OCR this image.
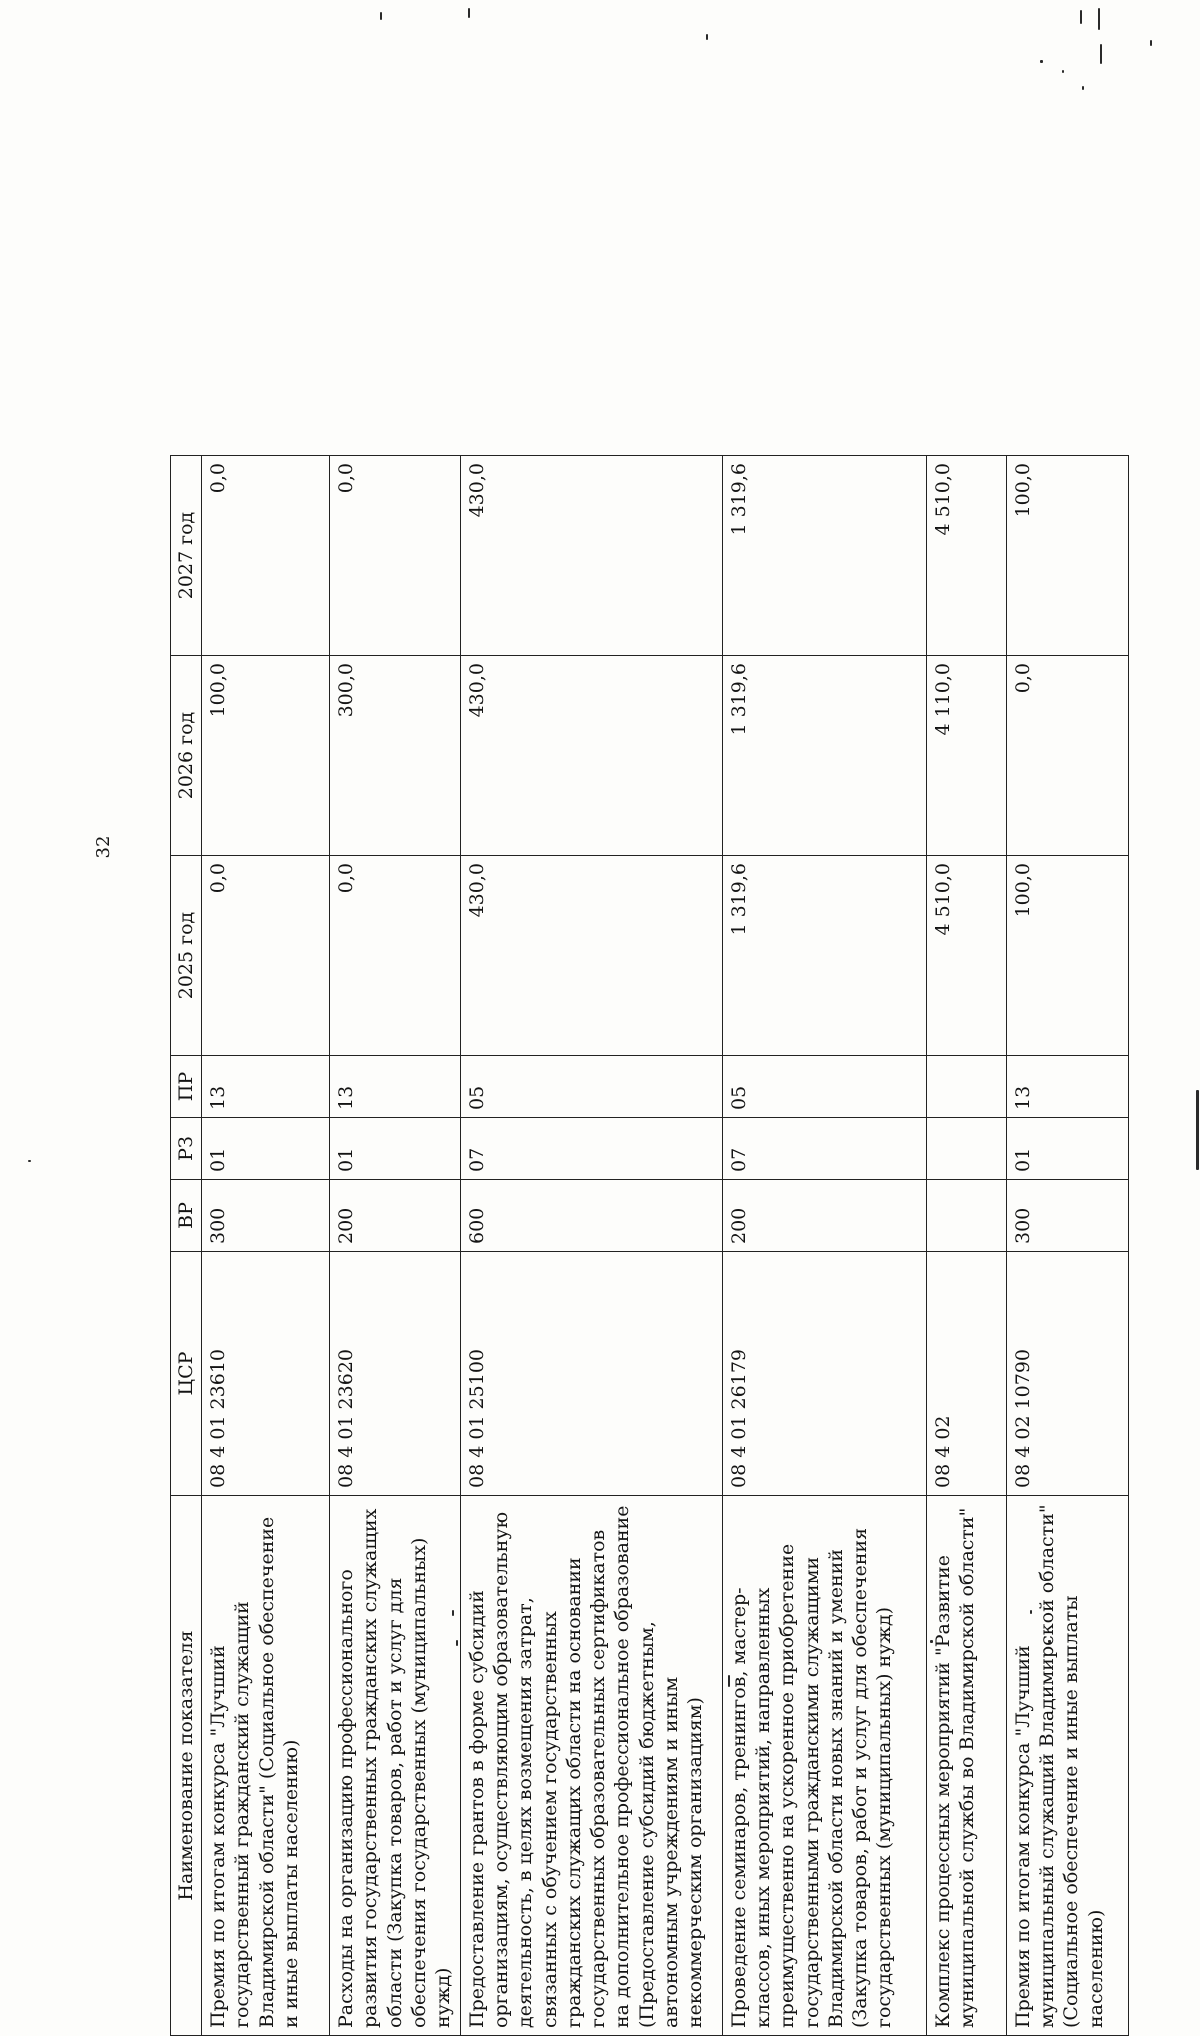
32
Наименование показателя	ЦСР	ВР	РЗ	ПР	2025 год	2026 год	2027 год
Премия по итогам конкурса "Лучший государственный гражданский служащий Владимирской области" (Социальное обеспечение и иные выплаты населению)	08 4 01 23610	300	01	13	0,0	100,0	0,0
Расходы на организацию профессионального развития государственных гражданских служащих области (Закупка товаров, работ и услуг для обеспечения государственных (муниципальных) нужд)	08 4 01 23620	200	01	13	0,0	300,0	0,0
Предоставление грантов в форме субсидий организациям, осуществляющим образовательную деятельность, в целях возмещения затрат, связанных с обучением государственных гражданских служащих области на основании государственных образовательных сертификатов на дополнительное профессиональное образование (Предоставление субсидий бюджетным, автономным учреждениям и иным некоммерческим организациям)	08 4 01 25100	600	07	05	430,0	430,0	430,0
Проведение семинаров, тренингов, мастер-классов, иных мероприятий, направленных преимущественно на ускоренное приобретение государственными гражданскими служащими Владимирской области новых знаний и умений (Закупка товаров, работ и услуг для обеспечения государственных (муниципальных) нужд)	08 4 01 26179	200	07	05	1 319,6	1 319,6	1 319,6
Комплекс процессных мероприятий "Развитие муниципальной службы во Владимирской области"	08 4 02				4 510,0	4 110,0	4 510,0
Премия по итогам конкурса "Лучший муниципальный служащий Владимирской области" (Социальное обеспечение и иные выплаты населению)	08 4 02 10790	300	01	13	100,0	0,0	100,0
